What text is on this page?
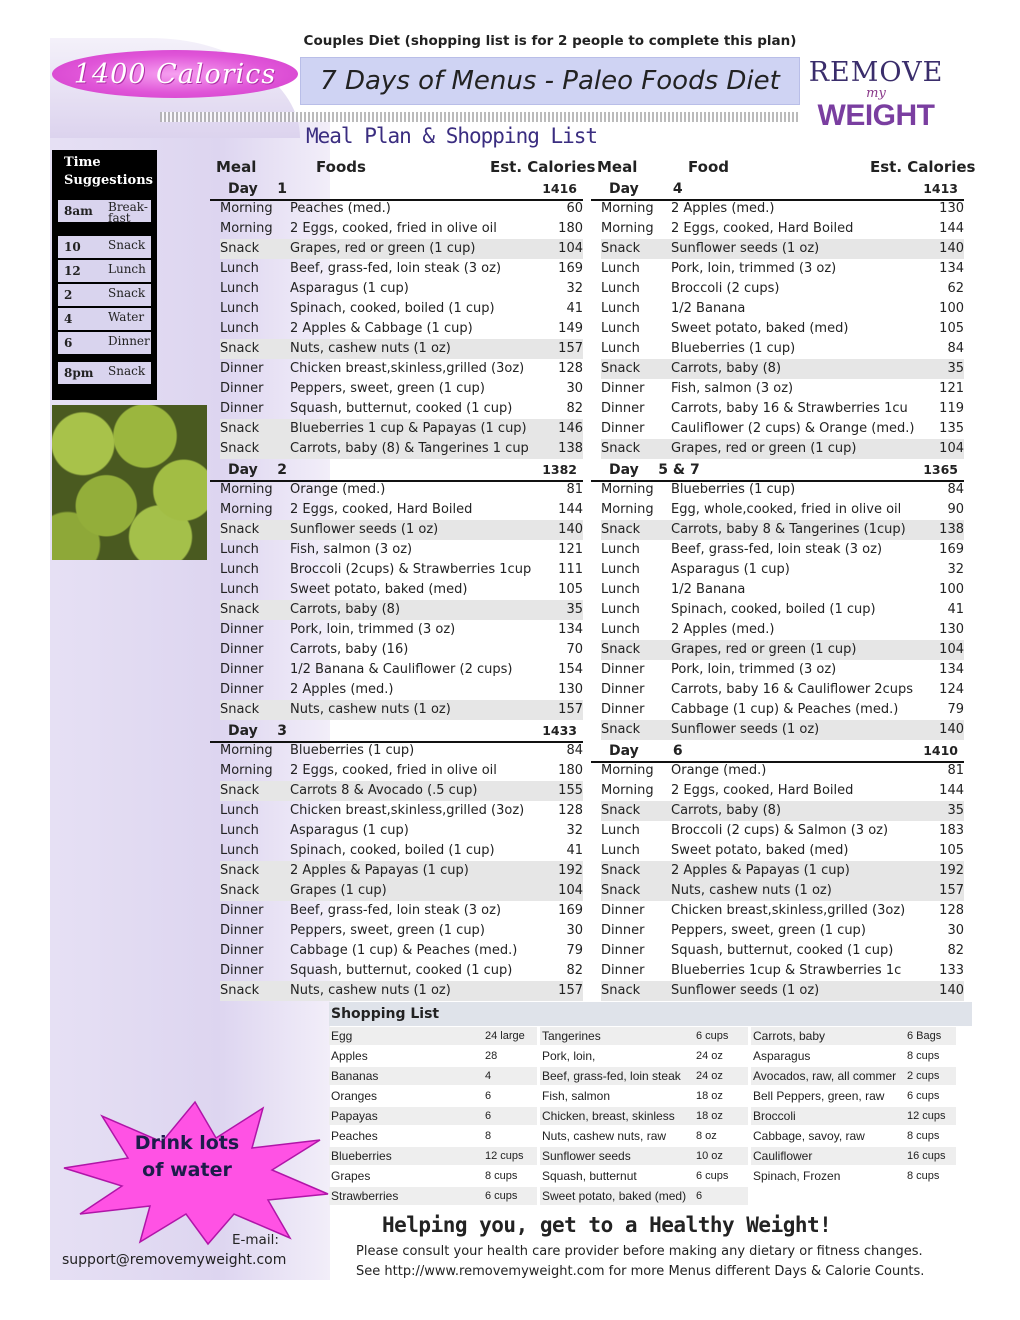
Couples Diet (shopping list is for 2 people to complete this plan)
1400 Calorics 7 Days of Menus - Paleo Foods Diet REMOVE
my
WEIGHT
Meal Plan & Shopping List
Time
Suggestions
8am Break-fast
10 Snack
12 Lunch
2	Snack
4	Water
6	Dinner
8pm Snack
Meal	Foods	Est. Calories Meal	Food	Est. Calories
Day    1	1416
Morning Peaches (med.)	60
Morning 2 Eggs, cooked, fried in olive oil	180
Snack Grapes, red or green (1 cup)	104
Lunch Beef, grass-fed, loin steak (3 oz)	169
Lunch Asparagus (1 cup)	32
Lunch Spinach, cooked, boiled (1 cup)	41
Lunch 2 Apples & Cabbage (1 cup)	149
Snack Nuts, cashew nuts (1 oz)	157
Dinner Chicken breast,skinless,grilled (3oz)	128
Dinner Peppers, sweet, green (1 cup)	30
Dinner Squash, butternut, cooked (1 cup)	82
Snack Blueberries 1 cup & Papayas (1 cup) 146
Snack Carrots, baby (8) & Tangerines 1 cup 138
Day    2	1382
Morning Orange (med.)	81
Morning 2 Eggs, cooked, Hard Boiled	144
Snack Sunflower seeds (1 oz)	140
Lunch Fish, salmon (3 oz)	121
Lunch Broccoli (2cups) & Strawberries 1cup 111
Lunch Sweet potato, baked (med)	105
Snack Carrots, baby (8)	35
Dinner Pork, loin, trimmed (3 oz)	134
Dinner Carrots, baby (16)	70
Dinner 1/2 Banana & Cauliflower (2 cups)	154
Dinner 2 Apples (med.)	130
Snack Nuts, cashew nuts (1 oz)	157
Day    3	1433
Morning Blueberries (1 cup)	84
Morning 2 Eggs, cooked, fried in olive oil	180
Snack Carrots 8 & Avocado (.5 cup)	155
Lunch Chicken breast,skinless,grilled (3oz)	128
Lunch Asparagus (1 cup)	32
Lunch Spinach, cooked, boiled (1 cup)	41
Snack 2 Apples & Papayas (1 cup)	192
Snack Grapes (1 cup)	104
Dinner Beef, grass-fed, loin steak (3 oz)	169
Dinner Peppers, sweet, green (1 cup)	30
Dinner Cabbage (1 cup) & Peaches (med.)	79
Dinner Squash, butternut, cooked (1 cup)	82
Snack Nuts, cashew nuts (1 oz)	157
Day       4	1413
Morning 2 Apples (med.)	130
Morning 2 Eggs, cooked, Hard Boiled	144
Snack Sunflower seeds (1 oz)	140
Lunch Pork, loin, trimmed (3 oz)	134
Lunch Broccoli (2 cups)	62
Lunch 1/2 Banana	100
Lunch Sweet potato, baked (med)	105
Lunch Blueberries (1 cup)	84
Snack Carrots, baby (8)	35
Dinner Fish, salmon (3 oz)	121
Dinner Carrots, baby 16 & Strawberries 1cu 119
Dinner Cauliflower (2 cups) & Orange (med.) 135
Snack Grapes, red or green (1 cup)	104
Day    5 & 7	1365
Morning Blueberries (1 cup)	84
Morning Egg, whole,cooked, fried in olive oil	90
Snack Carrots, baby 8 & Tangerines (1cup)	138
Lunch Beef, grass-fed, loin steak (3 oz)	169
Lunch Asparagus (1 cup)	32
Lunch 1/2 Banana	100
Lunch Spinach, cooked, boiled (1 cup)	41
Lunch 2 Apples (med.)	130
Snack Grapes, red or green (1 cup)	104
Dinner Pork, loin, trimmed (3 oz)	134
Dinner Carrots, baby 16 & Cauliflower 2cups 124
Dinner Cabbage (1 cup) & Peaches (med.)	79
Snack Sunflower seeds (1 oz)	140
Day       6	1410
Morning Orange (med.)	81
Morning 2 Eggs, cooked, Hard Boiled	144
Snack Carrots, baby (8)	35
Lunch Broccoli (2 cups) & Salmon (3 oz)	183
Lunch Sweet potato, baked (med)	105
Snack 2 Apples & Papayas (1 cup)	192
Snack Nuts, cashew nuts (1 oz)	157
Dinner Chicken breast,skinless,grilled (3oz)	128
Dinner Peppers, sweet, green (1 cup)	30
Dinner Squash, butternut, cooked (1 cup)	82
Dinner Blueberries 1cup & Strawberries 1c	133
Snack Sunflower seeds (1 oz)	140
Shopping List
Egg	24 large
Apples	28
Bananas	4
Oranges	6
Papayas	6
Peaches	8
Blueberries	12 cups
Grapes	8 cups
Strawberries	6 cups
Tangerines	6 cups
Pork, loin,	24 oz
Beef, grass-fed, loin steak 24 oz
Fish, salmon	18 oz
Chicken, breast, skinless 18 oz
Nuts, cashew nuts, raw	8 oz
Sunflower seeds	10 oz
Squash, butternut	6 cups
Sweet potato, baked (med) 6
Carrots, baby	6 Bags
Asparagus	8 cups
Avocados, raw, all commer 2 cups
Bell Peppers, green, raw 6 cups
Broccoli	12 cups
Cabbage, savoy, raw	8 cups
Cauliflower	16 cups
Spinach, Frozen	8 cups
Drink lots
of water
E-mail:
support@removemyweight.com
Helping you, get to a Healthy Weight!
Please consult your health care provider before making any dietary or fitness changes.
See http://www.removemyweight.com for more Menus different Days & Calorie Counts.
